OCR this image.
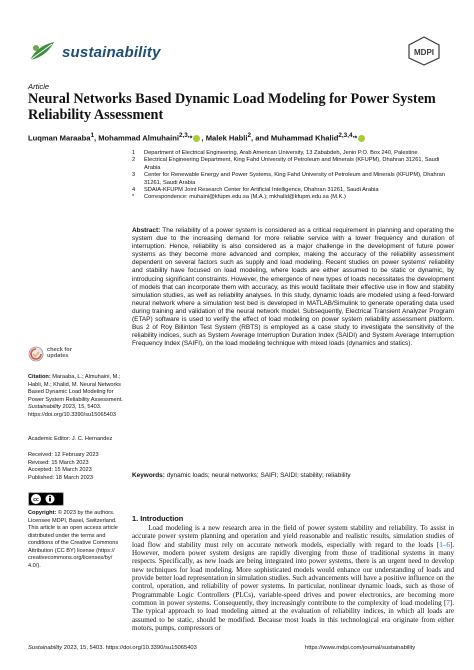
sustainability	MDPI
Article
Neural Networks Based Dynamic Load Modeling for Power System Reliability Assessment
Luqman Maraaba$^1$, Mohammad Almuhaini$^{2,3,}$* , Malek Habli$^2$, and Muhammad Khalid$^{2,3,4,}$*
1	Department of Electrical Engineering, Arab American University, 13 Zababdeh, Jenin P.O. Box 240, Palestine
2	Electrical Engineering Department, King Fahd University of Petroleum and Minerals (KFUPM), Dhahran 31261, Saudi Arabia
3	Center for Renewable Energy and Power Systems, King Fahd University of Petroleum and Minerals (KFUPM), Dhahran 31261, Saudi Arabia
4	SDAIA-KFUPM Joint Research Center for Artificial Intelligence, Dhahran 31261, Saudi Arabia
*	Correspondence: muhaini@kfupm.edu.sa (M.A.); mkhalid@kfupm.edu.sa (M.K.)
Abstract: The reliability of a power system is considered as a critical requirement in planning and operating the system due to the increasing demand for more reliable service with a lower frequency and duration of interruption. Hence, reliability is also considered as a major challenge in the development of future power systems as they become more advanced and complex, making the accuracy of the reliability assessment dependent on several factors such as supply and load modeling. Recent studies on power systems' reliability and stability have focused on load modeling, where loads are either assumed to be static or dynamic, by introducing significant constraints. However, the emergence of new types of loads necessitates the development of models that can incorporate them with accuracy, as this would facilitate their effective use in flow and stability simulation studies, as well as reliability analyses. In this study, dynamic loads are modeled using a feed-forward neural network where a simulation test bed is developed in MATLAB/Simulink to generate operating data used during training and validation of the neural network model. Subsequently, Electrical Transient Analyzer Program (ETAP) software is used to verify the effect of load modeling on power system reliability assessment platform. Bus 2 of Roy Billinton Test System (RBTS) is employed as a case study to investigate the sensitivity of the reliability indices, such as System Average Interruption Duration Index (SAIDI) and System Average Interruption Frequency Index (SAIFI), on the load modeling technique with mixed loads (dynamics and statics).
Keywords: dynamic loads; neural networks; SAIFI; SAIDI; stability; reliability
check for
updates
Citation: Maraaba, L.; Almuhaini, M.; Habli, M.; Khalid, M. Neural Networks Based Dynamic Load Modeling for Power System Reliability Assessment. Sustainability 2023, 15, 5403. https://doi.org/10.3390/su15065403
Academic Editor: J. C. Hernandez
Received: 12 February 2023
Revised: 15 March 2023
Accepted: 15 March 2023
Published: 18 March 2023
cc
Copyright: © 2023 by the authors. Licensee MDPI, Basel, Switzerland. This article is an open access article distributed under the terms and conditions of the Creative Commons Attribution (CC BY) license (https:// creativecommons.org/licenses/by/ 4.0/).
1. Introduction
Load modeling is a new research area in the field of power system stability and reliability. To assist in accurate power system planning and operation and yield reasonable and realistic results, simulation studies of load flow and stability must rely on accurate network models, especially with regard to the loads [1–6]. However, modern power system designs are rapidly diverging from those of traditional systems in many respects. Specifically, as new loads are being integrated into power systems, there is an urgent need to develop new techniques for load modeling. More sophisticated models would enhance our understanding of loads and provide better load representation in simulation studies. Such advancements will have a positive influence on the control, operation, and reliability of power systems. In particular, nonlinear dynamic loads, such as those of Programmable Logic Controllers (PLCs), variable-speed drives and power electronics, are becoming more common in power systems. Consequently, they increasingly contribute to the complexity of load modeling [7]. The typical approach to load modeling aimed at the evaluation of reliability indices, in which all loads are assumed to be static, should be modified. Because most loads in this technological era originate from either motors, pumps, compressors or
Sustainability 2023, 15, 5403. https://doi.org/10.3390/su15065403	https://www.mdpi.com/journal/sustainability
